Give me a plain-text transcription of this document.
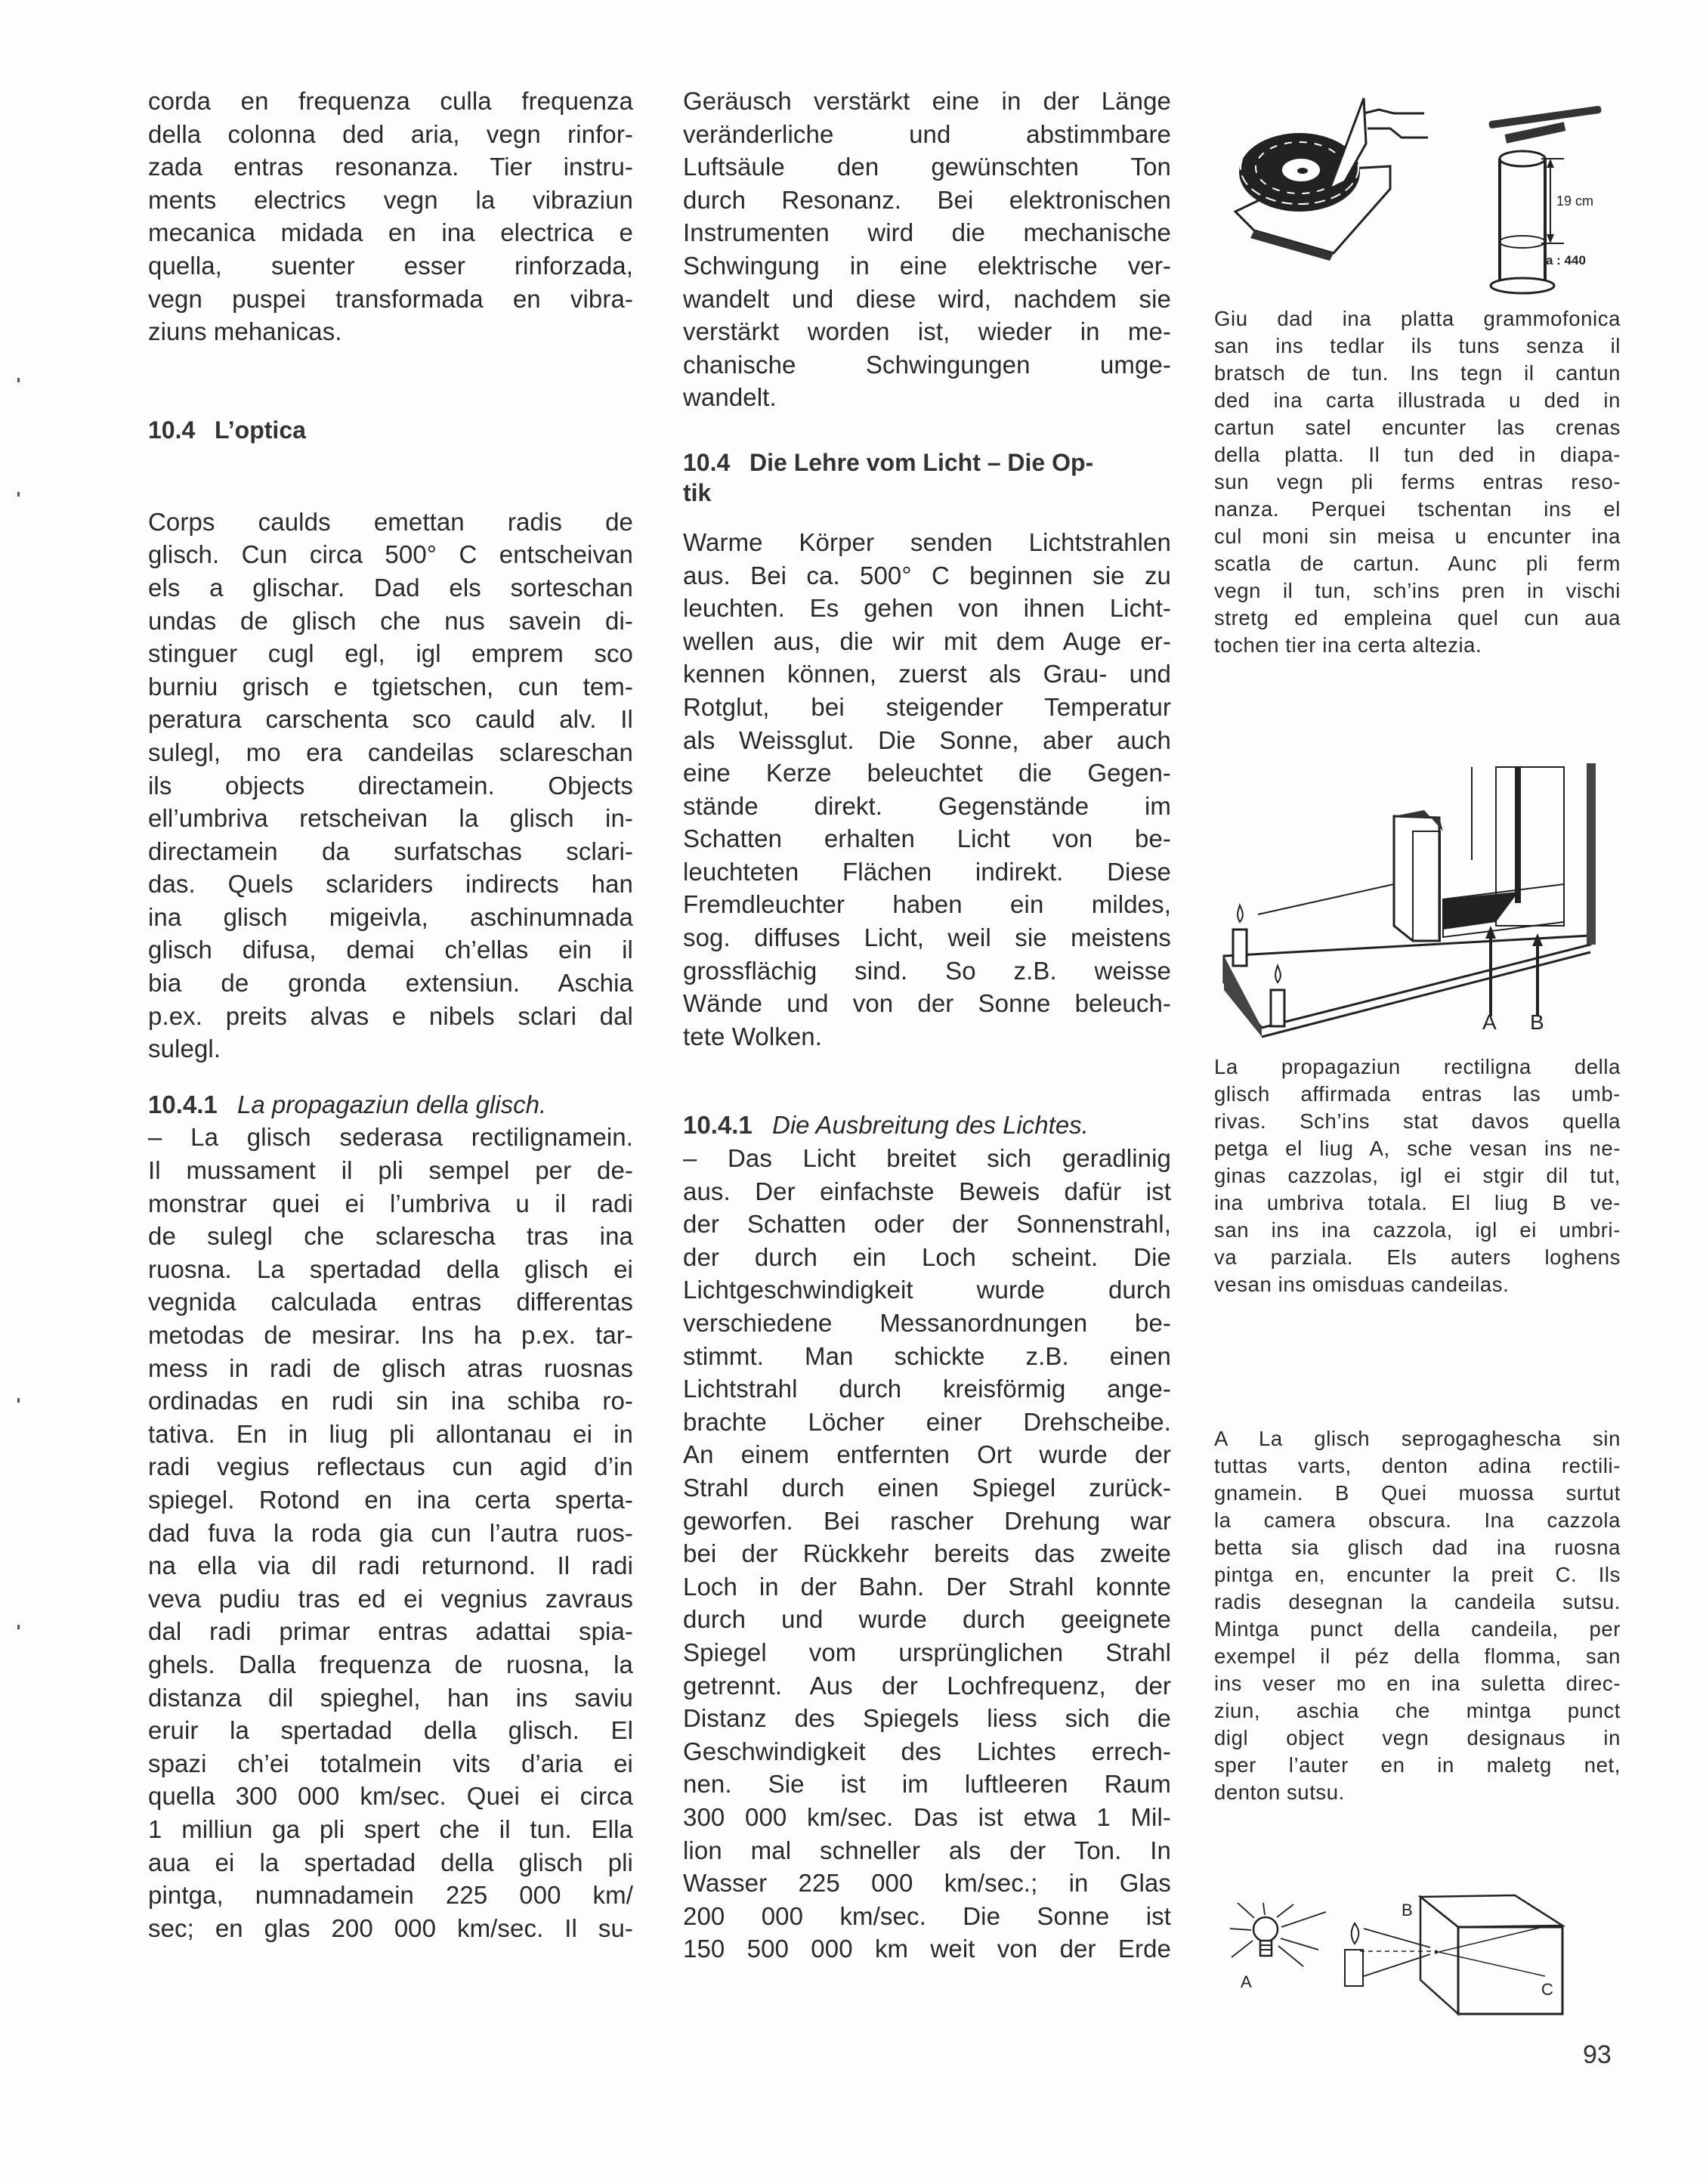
corda en frequenza culla frequenza
della colonna ded aria, vegn rinfor-
zada entras resonanza. Tier instru-
ments electrics vegn la vibraziun
mecanica midada en ina electrica e
quella, suenter esser rinforzada,
vegn puspei transformada en vibra-
ziuns mehanicas.
10.4 L’optica
Corps caulds emettan radis de
glisch. Cun circa 500° C entscheivan
els a glischar. Dad els sorteschan
undas de glisch che nus savein di-
stinguer cugl egl, igl emprem sco
burniu grisch e tgietschen, cun tem-
peratura carschenta sco cauld alv. Il
sulegl, mo era candeilas sclareschan
ils objects directamein. Objects
ell’umbriva retscheivan la glisch in-
directamein da surfatschas sclari-
das. Quels sclariders indirects han
ina glisch migeivla, aschinumnada
glisch difusa, demai ch’ellas ein il
bia de gronda extensiun. Aschia
p.ex. preits alvas e nibels sclari dal
sulegl.
10.4.1 La propagaziun della glisch.
– La glisch sederasa rectilignamein.
Il mussament il pli sempel per de-
monstrar quei ei l’umbriva u il radi
de sulegl che sclarescha tras ina
ruosna. La spertadad della glisch ei
vegnida calculada entras differentas
metodas de mesirar. Ins ha p.ex. tar-
mess in radi de glisch atras ruosnas
ordinadas en rudi sin ina schiba ro-
tativa. En in liug pli allontanau ei in
radi vegius reflectaus cun agid d’in
spiegel. Rotond en ina certa sperta-
dad fuva la roda gia cun l’autra ruos-
na ella via dil radi returnond. Il radi
veva pudiu tras ed ei vegnius zavraus
dal radi primar entras adattai spia-
ghels. Dalla frequenza de ruosna, la
distanza dil spieghel, han ins saviu
eruir la spertadad della glisch. El
spazi ch’ei totalmein vits d’aria ei
quella 300 000 km/sec. Quei ei circa
1 milliun ga pli spert che il tun. Ella
aua ei la spertadad della glisch pli
pintga, numnadamein 225 000 km/
sec; en glas 200 000 km/sec. Il su-
Geräusch verstärkt eine in der Länge
veränderliche und abstimmbare
Luftsäule den gewünschten Ton
durch Resonanz. Bei elektronischen
Instrumenten wird die mechanische
Schwingung in eine elektrische ver-
wandelt und diese wird, nachdem sie
verstärkt worden ist, wieder in me-
chanische Schwingungen umge-
wandelt.
10.4 Die Lehre vom Licht – Die Op-
tik
Warme Körper senden Lichtstrahlen
aus. Bei ca. 500° C beginnen sie zu
leuchten. Es gehen von ihnen Licht-
wellen aus, die wir mit dem Auge er-
kennen können, zuerst als Grau- und
Rotglut, bei steigender Temperatur
als Weissglut. Die Sonne, aber auch
eine Kerze beleuchtet die Gegen-
stände direkt. Gegenstände im
Schatten erhalten Licht von be-
leuchteten Flächen indirekt. Diese
Fremdleuchter haben ein mildes,
sog. diffuses Licht, weil sie meistens
grossflächig sind. So z.B. weisse
Wände und von der Sonne beleuch-
tete Wolken.
10.4.1 Die Ausbreitung des Lichtes.
– Das Licht breitet sich geradlinig
aus. Der einfachste Beweis dafür ist
der Schatten oder der Sonnenstrahl,
der durch ein Loch scheint. Die
Lichtgeschwindigkeit wurde durch
verschiedene Messanordnungen be-
stimmt. Man schickte z.B. einen
Lichtstrahl durch kreisförmig ange-
brachte Löcher einer Drehscheibe.
An einem entfernten Ort wurde der
Strahl durch einen Spiegel zurück-
geworfen. Bei rascher Drehung war
bei der Rückkehr bereits das zweite
Loch in der Bahn. Der Strahl konnte
durch und wurde durch geeignete
Spiegel vom ursprünglichen Strahl
getrennt. Aus der Lochfrequenz, der
Distanz des Spiegels liess sich die
Geschwindigkeit des Lichtes errech-
nen. Sie ist im luftleeren Raum
300 000 km/sec. Das ist etwa 1 Mil-
lion mal schneller als der Ton. In
Wasser 225 000 km/sec.; in Glas
200 000 km/sec. Die Sonne ist
150 500 000 km weit von der Erde
19 cm
a : 440
Giu dad ina platta grammofonica
san ins tedlar ils tuns senza il
bratsch de tun. Ins tegn il cantun
ded ina carta illustrada u ded in
cartun satel encunter las crenas
della platta. Il tun ded in diapa-
sun vegn pli ferms entras reso-
nanza. Perquei tschentan ins el
cul moni sin meisa u encunter ina
scatla de cartun. Aunc pli ferm
vegn il tun, sch’ins pren in vischi
stretg ed empleina quel cun aua
tochen tier ina certa altezia.
A B
La propagaziun rectiligna della
glisch affirmada entras las umb-
rivas. Sch’ins stat davos quella
petga el liug A, sche vesan ins ne-
ginas cazzolas, igl ei stgir dil tut,
ina umbriva totala. El liug B ve-
san ins ina cazzola, igl ei umbri-
va parziala. Els auters loghens
vesan ins omisduas candeilas.
A La glisch seprogaghescha sin
tuttas varts, denton adina rectili-
gnamein. B Quei muossa surtut
la camera obscura. Ina cazzola
betta sia glisch dad ina ruosna
pintga en, encunter la preit C. Ils
radis desegnan la candeila sutsu.
Mintga punct della candeila, per
exempel il péz della flomma, san
ins veser mo en ina suletta direc-
ziun, aschia che mintga punct
digl object vegn designaus in
sper l’auter en in maletg net,
denton sutsu.
A
B
C
93
